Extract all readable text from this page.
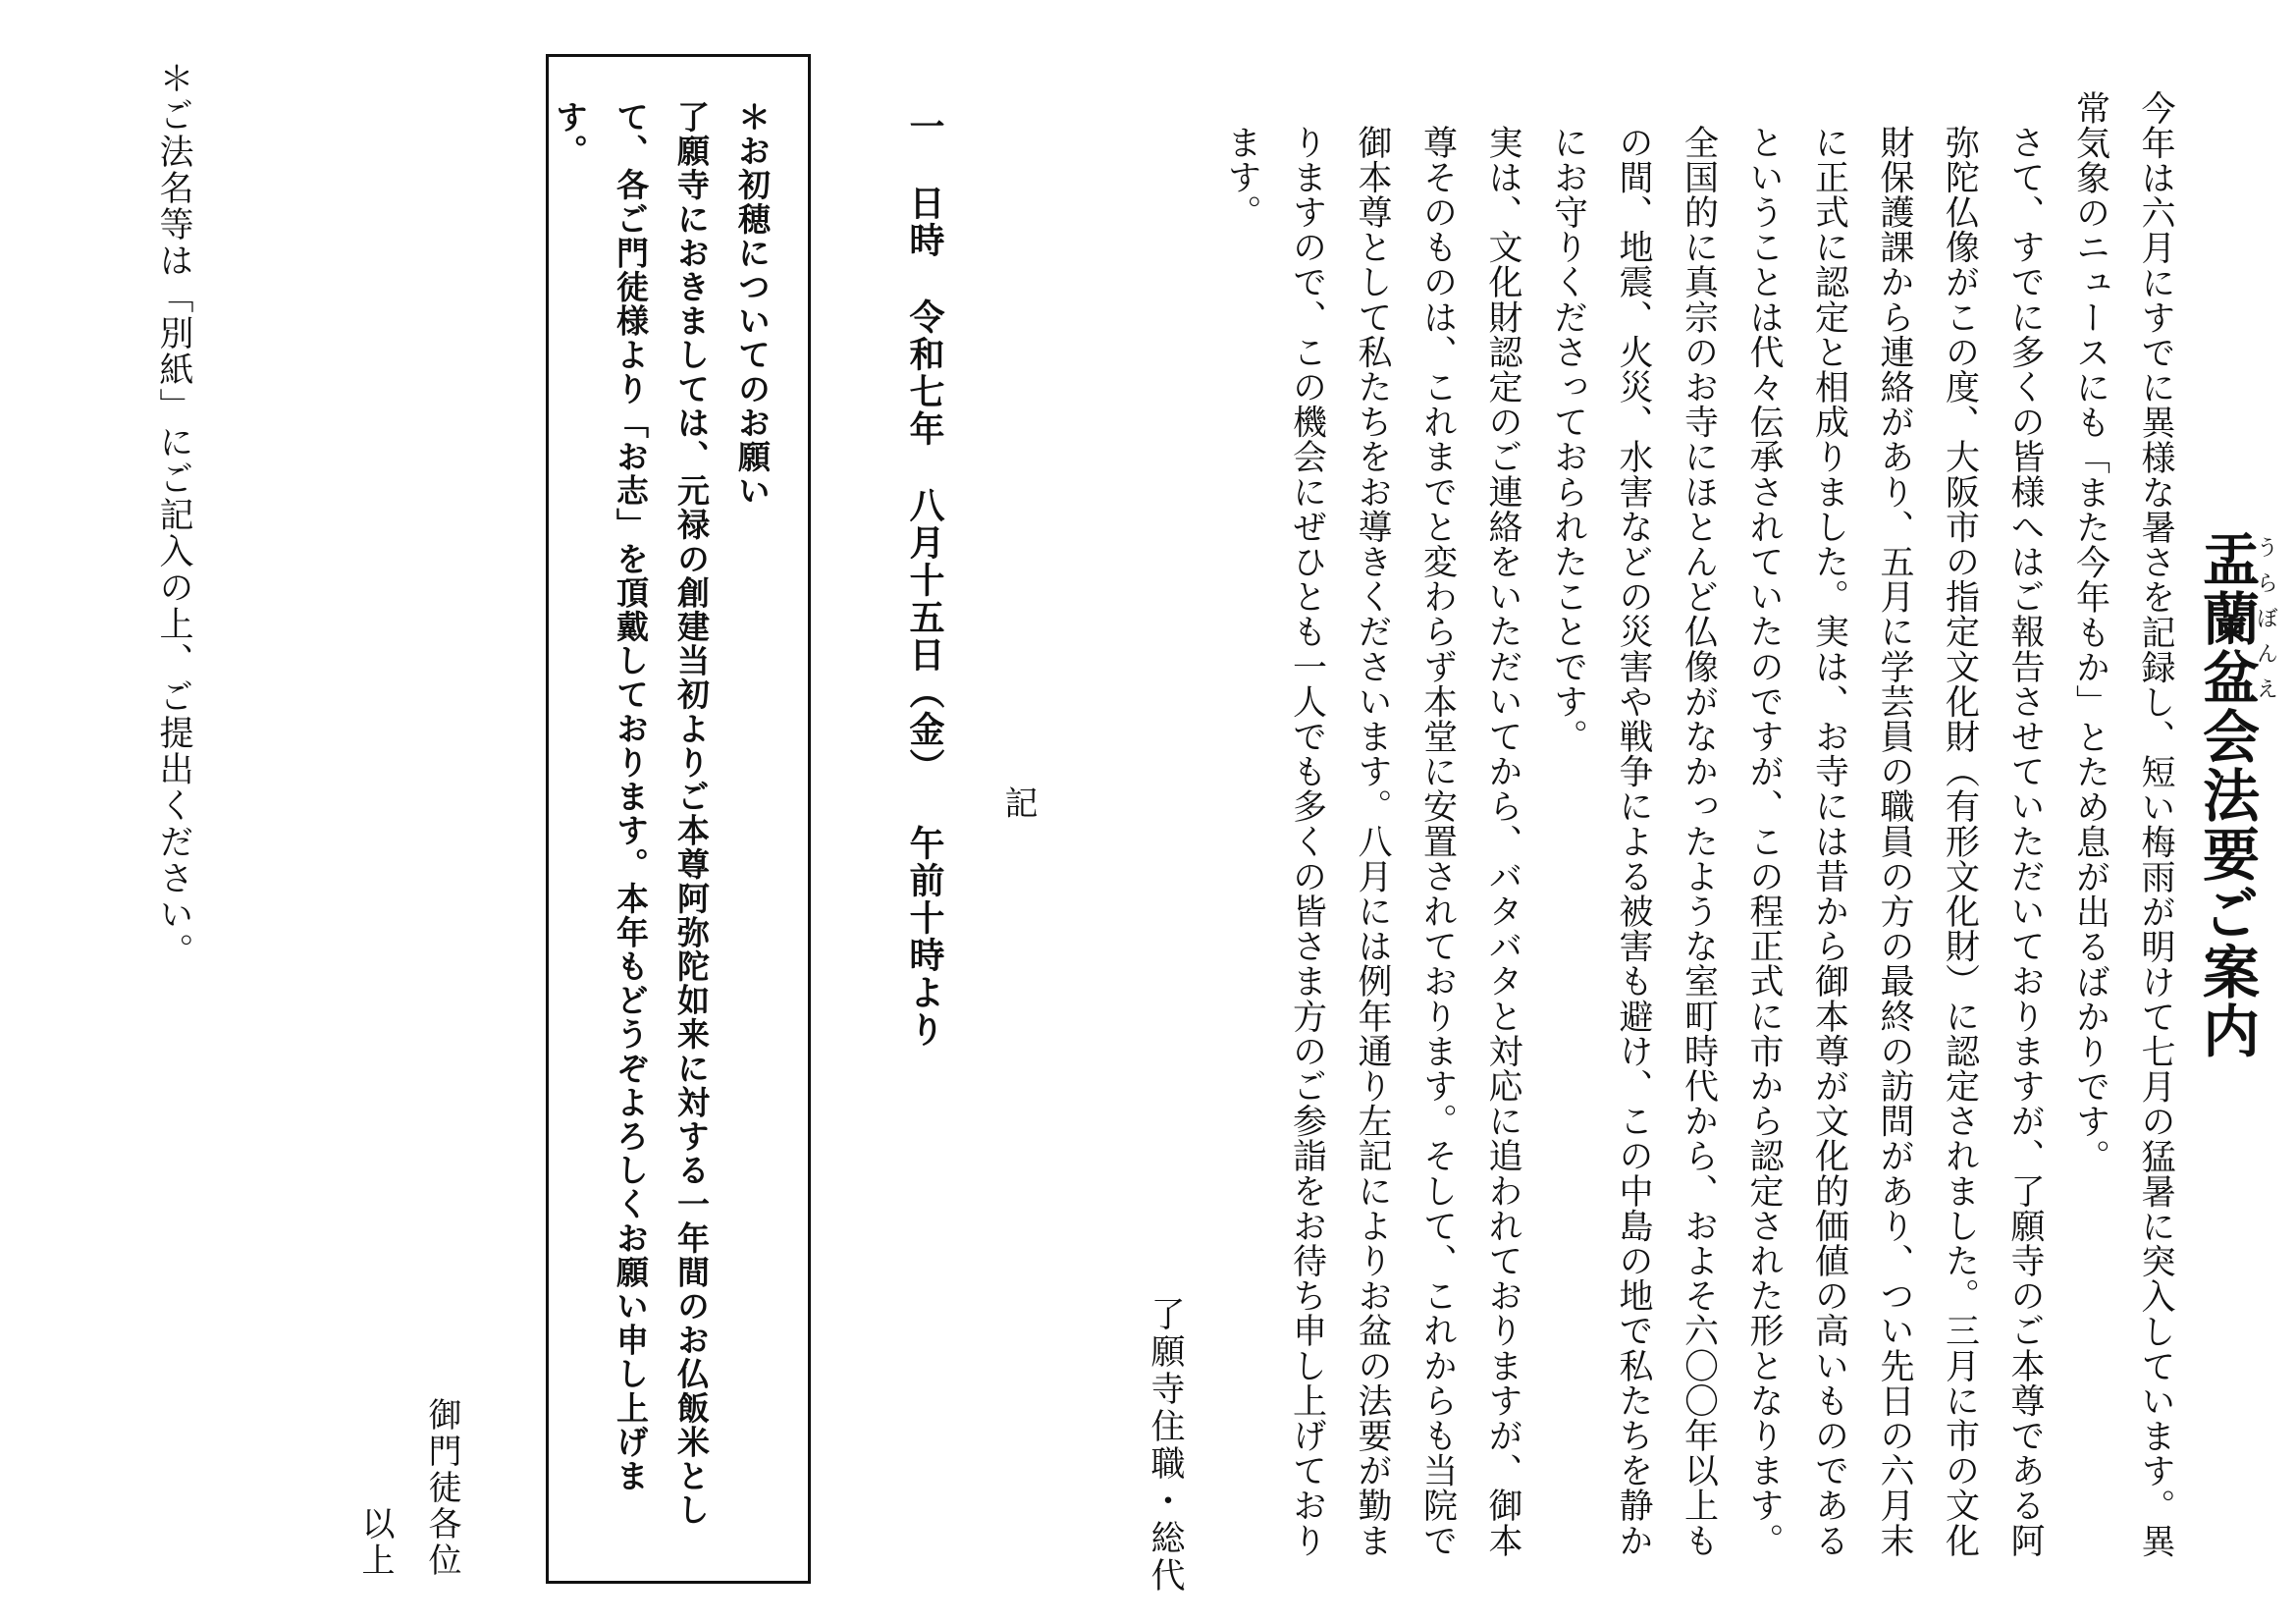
盂蘭盆うらぼんえ会法要ご案内

今年は六月にすでに異様な暑さを記録し、短い梅雨が明けて七月の猛暑に突入しています。異常気象のニュースにも「また今年もか」とため息が出るばかりです。

さて、すでに多くの皆様へはご報告させていただいておりますが、了願寺のご本尊である阿弥陀仏像がこの度、大阪市の指定文化財（有形文化財）に認定されました。三月に市の文化財保護課から連絡があり、五月に学芸員の職員の方の最終の訪問があり、つい先日の六月末に正式に認定と相成りました。実は、お寺には昔から御本尊が文化的価値の高いものであるということは代々伝承されていたのですが、この程正式に市から認定された形となります。全国的に真宗のお寺にほとんど仏像がなかったような室町時代から、およそ六〇〇年以上もの間、地震、火災、水害などの災害や戦争による被害も避け、この中島の地で私たちを静かにお守りくださっておられたことです。

実は、文化財認定のご連絡をいただいてから、バタバタと対応に追われておりますが、御本尊そのものは、これまでと変わらず本堂に安置されております。そして、これからも当院で御本尊として私たちをお導きくださいます。八月には例年通り左記によりお盆の法要が勤まりますので、この機会にぜひとも一人でも多くの皆さま方のご参詣をお待ち申し上げております。

了願寺住職・総代
記
一日時令和七年八月十五日（金）午前十時より
＊お初穂についてのお願い
了願寺におきましては、元禄の創建当初よりご本尊阿弥陀如来に対する一年間のお仏飯米として、各ご門徒様より「お志」を頂戴しております。本年もどうぞよろしくお願い申し上げます。
御門徒各位
以上
＊ご法名等は「別紙」にご記入の上、ご提出ください。
